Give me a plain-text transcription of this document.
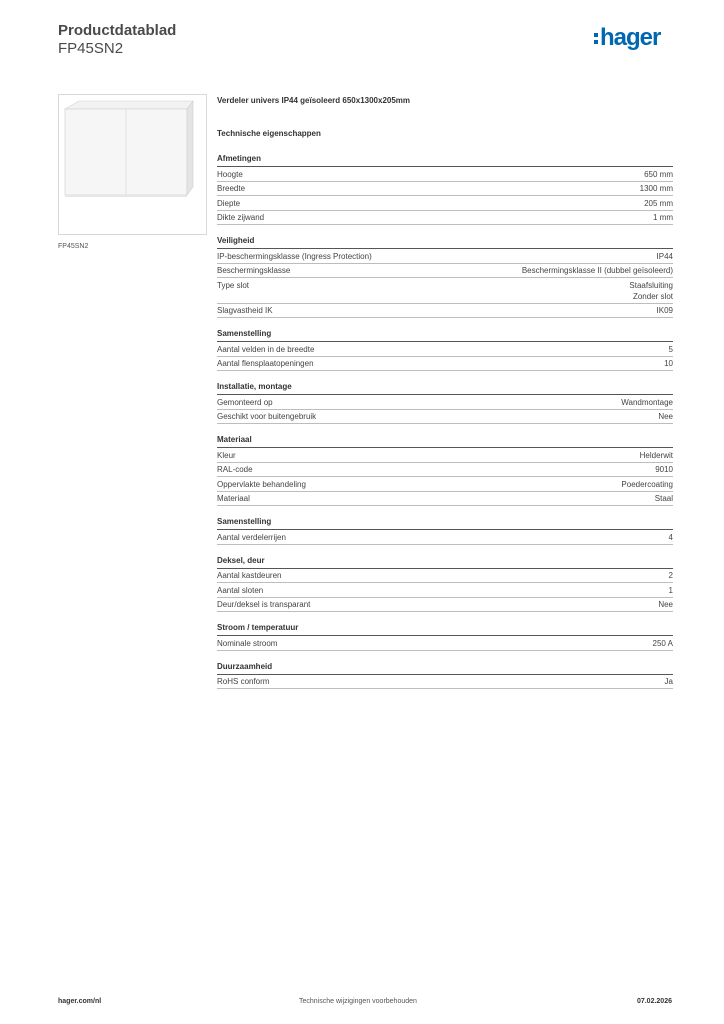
Productdatablad
FP45SN2	hager
FP45SN2
Verdeler univers IP44 geïsoleerd 650x1300x205mm
Technische eigenschappen
Afmetingen
Hoogte	650 mm
Breedte	1300 mm
Diepte	205 mm
Dikte zijwand	1 mm
Veiligheid
IP-beschermingsklasse (Ingress Protection)	IP44
Beschermingsklasse	Beschermingsklasse II (dubbel geïsoleerd)
Type slot	Staafsluiting
Zonder slot
Slagvastheid IK	IK09
Samenstelling
Aantal velden in de breedte	5
Aantal flensplaatopeningen	10
Installatie, montage
Gemonteerd op	Wandmontage
Geschikt voor buitengebruik	Nee
Materiaal
Kleur	Helderwit
RAL-code	9010
Oppervlakte behandeling	Poedercoating
Materiaal	Staal
Samenstelling
Aantal verdelerrijen	4
Deksel, deur
Aantal kastdeuren	2
Aantal sloten	1
Deur/deksel is transparant	Nee
Stroom / temperatuur
Nominale stroom	250 A
Duurzaamheid
RoHS conform	Ja
hager.com/nl	Technische wijzigingen voorbehouden	07.02.2026
